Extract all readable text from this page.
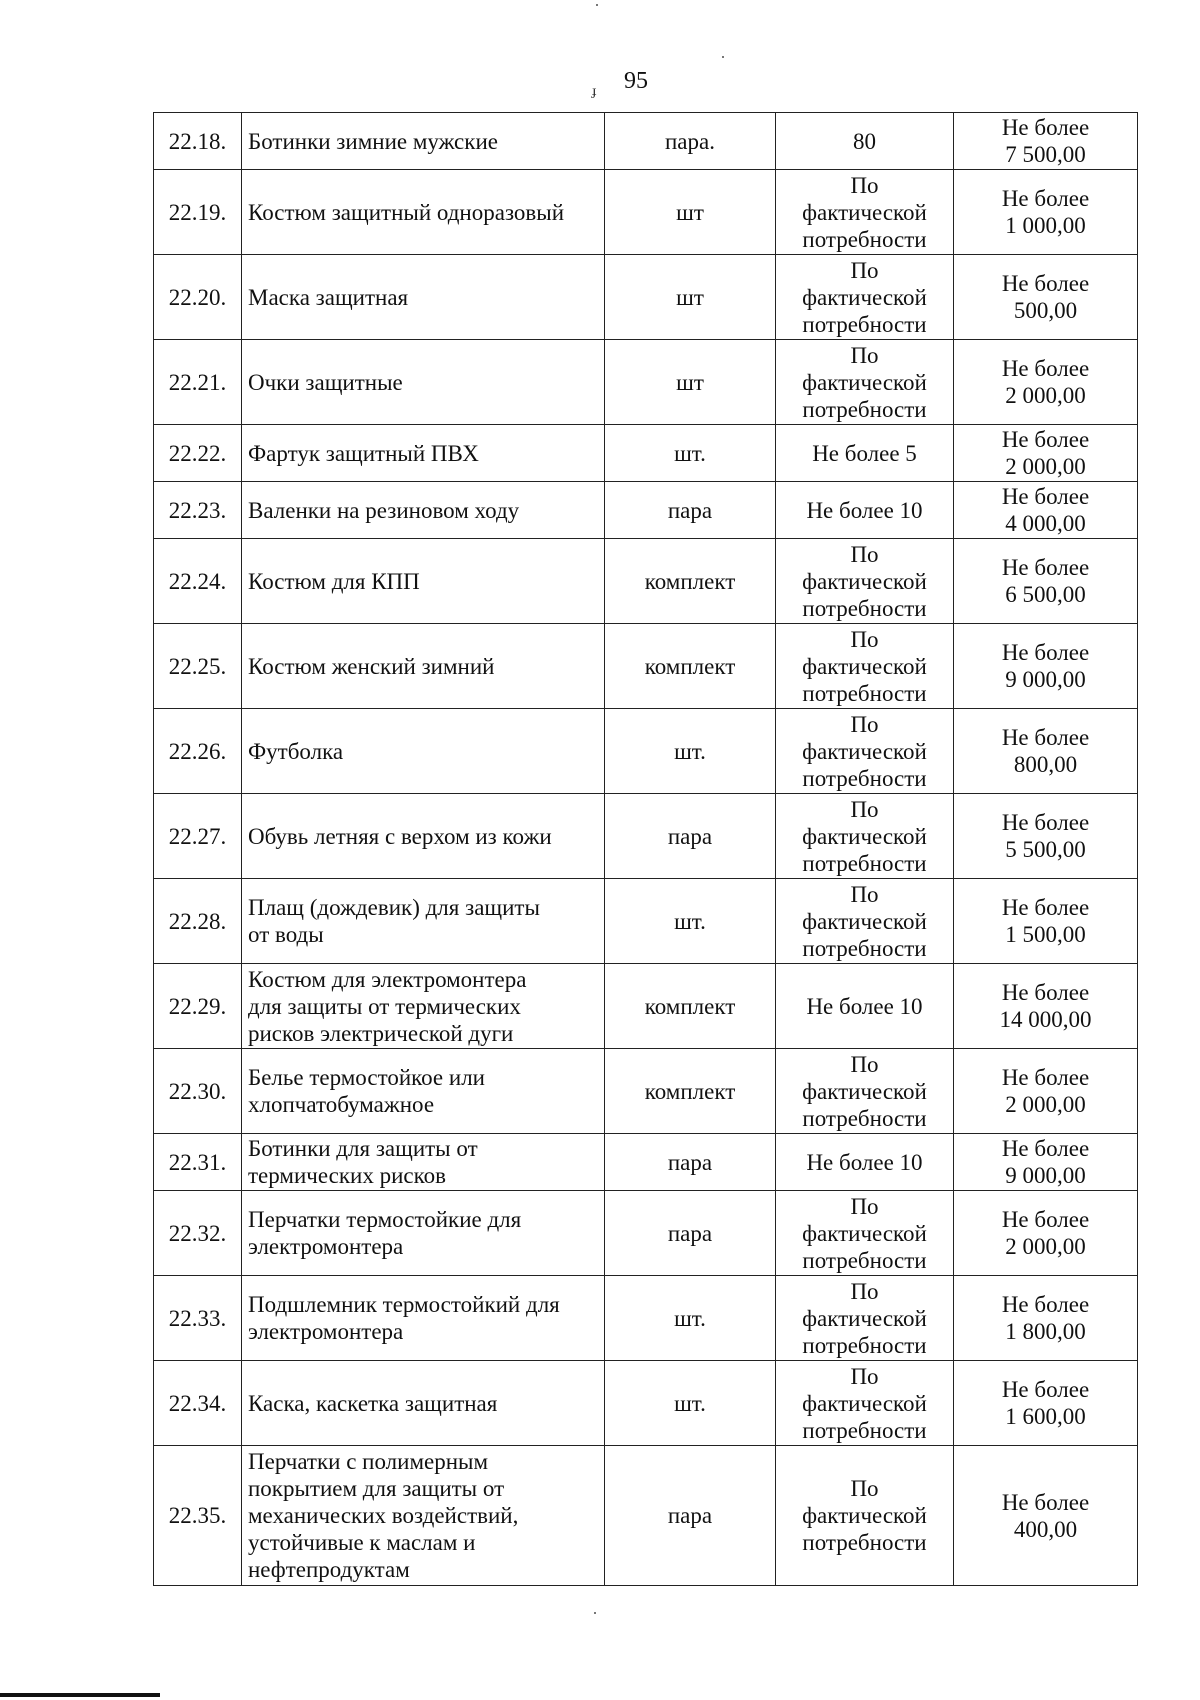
ɟ 95
22.18.	Ботинки зимние мужские	пара.	80	Не более
7 500,00
22.19.	Костюм защитный одноразовый	шт	По
фактической
потребности	Не более
1 000,00
22.20.	Маска защитная	шт	По
фактической
потребности	Не более
500,00
22.21.	Очки защитные	шт	По
фактической
потребности	Не более
2 000,00
22.22.	Фартук защитный ПВХ	шт.	Не более 5	Не более
2 000,00
22.23.	Валенки на резиновом ходу	пара	Не более 10	Не более
4 000,00
22.24.	Костюм для КПП	комплект	По
фактической
потребности	Не более
6 500,00
22.25.	Костюм женский зимний	комплект	По
фактической
потребности	Не более
9 000,00
22.26.	Футболка	шт.	По
фактической
потребности	Не более
800,00
22.27.	Обувь летняя с верхом из кожи	пара	По
фактической
потребности	Не более
5 500,00
22.28.	Плащ (дождевик) для защиты
от воды	шт.	По
фактической
потребности	Не более
1 500,00
22.29.	Костюм для электромонтера
для защиты от термических
рисков электрической дуги	комплект	Не более 10	Не более
14 000,00
22.30.	Белье термостойкое или
хлопчатобумажное	комплект	По
фактической
потребности	Не более
2 000,00
22.31.	Ботинки для защиты от
термических рисков	пара	Не более 10	Не более
9 000,00
22.32.	Перчатки термостойкие для
электромонтера	пара	По
фактической
потребности	Не более
2 000,00
22.33.	Подшлемник термостойкий для
электромонтера	шт.	По
фактической
потребности	Не более
1 800,00
22.34.	Каска, каскетка защитная	шт.	По
фактической
потребности	Не более
1 600,00
22.35.	Перчатки с полимерным
покрытием для защиты от
механических воздействий,
устойчивые к маслам и
нефтепродуктам	пара	По
фактической
потребности	Не более
400,00
